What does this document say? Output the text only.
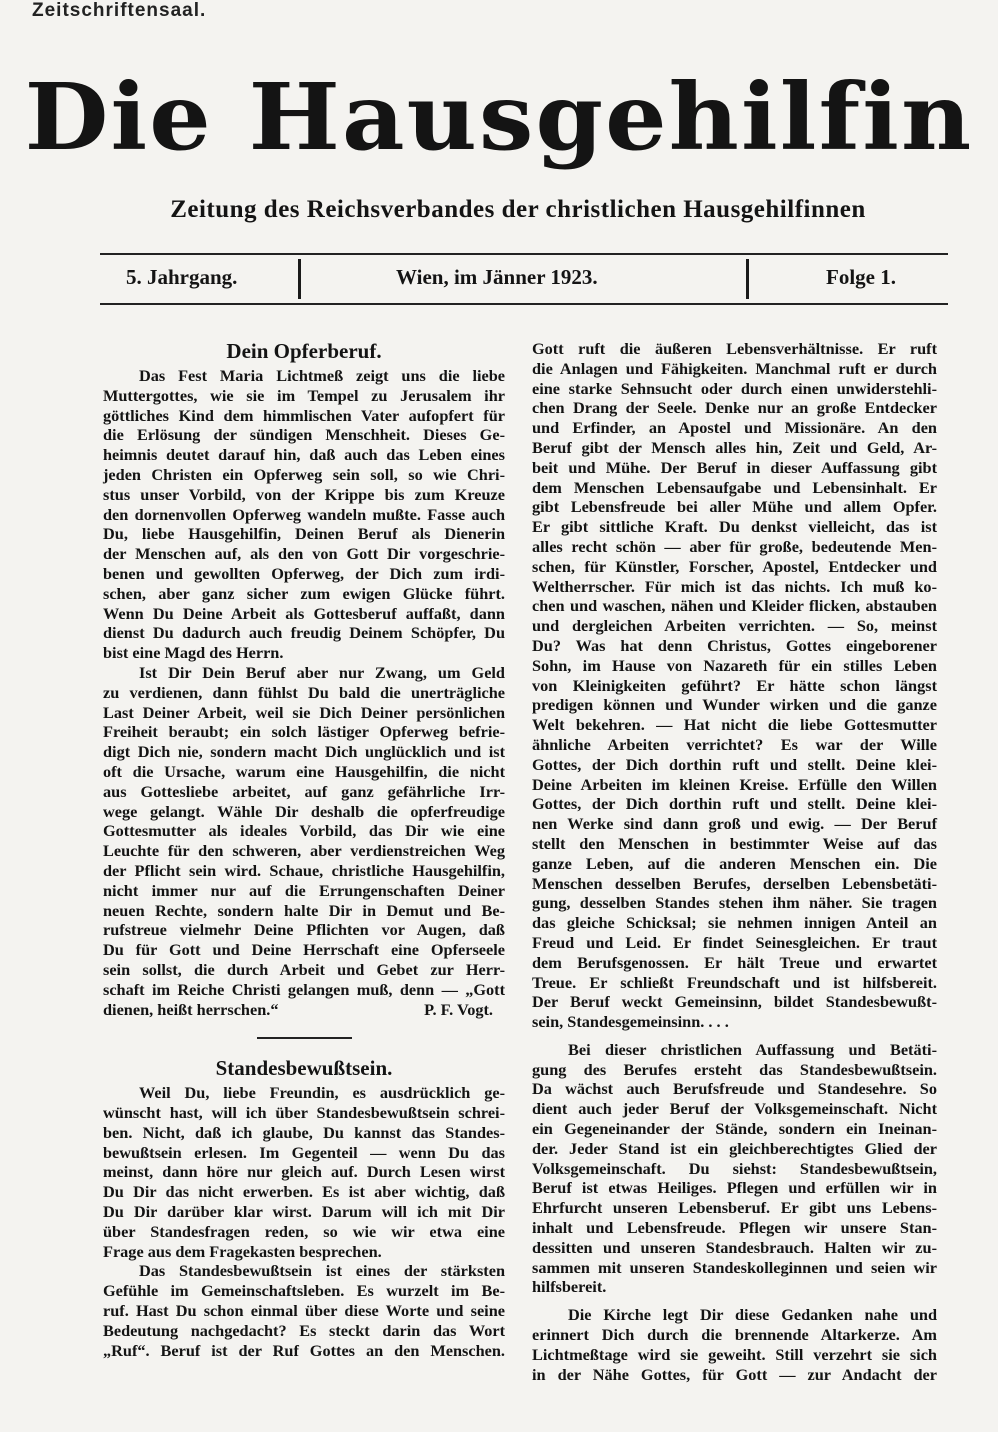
Zeitschriftensaal.
Die Hausgehilfin
Zeitung des Reichsverbandes der christlichen Hausgehilfinnen
5. Jahrgang.	Wien, im Jänner 1923.	Folge 1.
Dein Opferberuf.
Das Fest Maria Lichtmeß zeigt uns die liebe
Muttergottes, wie sie im Tempel zu Jerusalem ihr
göttliches Kind dem himmlischen Vater aufopfert für
die Erlösung der sündigen Menschheit. Dieses Ge-
heimnis deutet darauf hin, daß auch das Leben eines
jeden Christen ein Opferweg sein soll, so wie Chri-
stus unser Vorbild, von der Krippe bis zum Kreuze
den dornenvollen Opferweg wandeln mußte. Fasse auch
Du, liebe Hausgehilfin, Deinen Beruf als Dienerin
der Menschen auf, als den von Gott Dir vorgeschrie-
benen und gewollten Opferweg, der Dich zum irdi-
schen, aber ganz sicher zum ewigen Glücke führt.
Wenn Du Deine Arbeit als Gottesberuf auffaßt, dann
dienst Du dadurch auch freudig Deinem Schöpfer, Du
bist eine Magd des Herrn.
Ist Dir Dein Beruf aber nur Zwang, um Geld
zu verdienen, dann fühlst Du bald die unerträgliche
Last Deiner Arbeit, weil sie Dich Deiner persönlichen
Freiheit beraubt; ein solch lästiger Opferweg befrie-
digt Dich nie, sondern macht Dich unglücklich und ist
oft die Ursache, warum eine Hausgehilfin, die nicht
aus Gottesliebe arbeitet, auf ganz gefährliche Irr-
wege gelangt. Wähle Dir deshalb die opferfreudige
Gottesmutter als ideales Vorbild, das Dir wie eine
Leuchte für den schweren, aber verdienstreichen Weg
der Pflicht sein wird. Schaue, christliche Hausgehilfin,
nicht immer nur auf die Errungenschaften Deiner
neuen Rechte, sondern halte Dir in Demut und Be-
rufstreue vielmehr Deine Pflichten vor Augen, daß
Du für Gott und Deine Herrschaft eine Opferseele
sein sollst, die durch Arbeit und Gebet zur Herr-
schaft im Reiche Christi gelangen muß, denn — „Gott
dienen, heißt herrschen.“	P. F. Vogt.
Standesbewußtsein.
Weil Du, liebe Freundin, es ausdrücklich ge-
wünscht hast, will ich über Standesbewußtsein schrei-
ben. Nicht, daß ich glaube, Du kannst das Standes-
bewußtsein erlesen. Im Gegenteil — wenn Du das
meinst, dann höre nur gleich auf. Durch Lesen wirst
Du Dir das nicht erwerben. Es ist aber wichtig, daß
Du Dir darüber klar wirst. Darum will ich mit Dir
über Standesfragen reden, so wie wir etwa eine
Frage aus dem Fragekasten besprechen.
Das Standesbewußtsein ist eines der stärksten
Gefühle im Gemeinschaftsleben. Es wurzelt im Be-
ruf. Hast Du schon einmal über diese Worte und seine
Bedeutung nachgedacht? Es steckt darin das Wort
„Ruf“. Beruf ist der Ruf Gottes an den Menschen.
Gott ruft die äußeren Lebensverhältnisse. Er ruft
die Anlagen und Fähigkeiten. Manchmal ruft er durch
eine starke Sehnsucht oder durch einen unwiderstehli-
chen Drang der Seele. Denke nur an große Entdecker
und Erfinder, an Apostel und Missionäre. An den
Beruf gibt der Mensch alles hin, Zeit und Geld, Ar-
beit und Mühe. Der Beruf in dieser Auffassung gibt
dem Menschen Lebensaufgabe und Lebensinhalt. Er
gibt Lebensfreude bei aller Mühe und allem Opfer.
Er gibt sittliche Kraft. Du denkst vielleicht, das ist
alles recht schön — aber für große, bedeutende Men-
schen, für Künstler, Forscher, Apostel, Entdecker und
Weltherrscher. Für mich ist das nichts. Ich muß ko-
chen und waschen, nähen und Kleider flicken, abstauben
und dergleichen Arbeiten verrichten. — So, meinst
Du? Was hat denn Christus, Gottes eingeborener
Sohn, im Hause von Nazareth für ein stilles Leben
von Kleinigkeiten geführt? Er hätte schon längst
predigen können und Wunder wirken und die ganze
Welt bekehren. — Hat nicht die liebe Gottesmutter
ähnliche Arbeiten verrichtet? Es war der Wille
Gottes, der Dich dorthin ruft und stellt. Deine klei-
Deine Arbeiten im kleinen Kreise. Erfülle den Willen
Gottes, der Dich dorthin ruft und stellt. Deine klei-
nen Werke sind dann groß und ewig. — Der Beruf
stellt den Menschen in bestimmter Weise auf das
ganze Leben, auf die anderen Menschen ein. Die
Menschen desselben Berufes, derselben Lebensbetäti-
gung, desselben Standes stehen ihm näher. Sie tragen
das gleiche Schicksal; sie nehmen innigen Anteil an
Freud und Leid. Er findet Seinesgleichen. Er traut
dem Berufsgenossen. Er hält Treue und erwartet
Treue. Er schließt Freundschaft und ist hilfsbereit.
Der Beruf weckt Gemeinsinn, bildet Standesbewußt-
sein, Standesgemeinsinn. . . .
Bei dieser christlichen Auffassung und Betäti-
gung des Berufes ersteht das Standesbewußtsein.
Da wächst auch Berufsfreude und Standesehre. So
dient auch jeder Beruf der Volksgemeinschaft. Nicht
ein Gegeneinander der Stände, sondern ein Ineinan-
der. Jeder Stand ist ein gleichberechtigtes Glied der
Volksgemeinschaft. Du siehst: Standesbewußtsein,
Beruf ist etwas Heiliges. Pflegen und erfüllen wir in
Ehrfurcht unseren Lebensberuf. Er gibt uns Lebens-
inhalt und Lebensfreude. Pflegen wir unsere Stan-
dessitten und unseren Standesbrauch. Halten wir zu-
sammen mit unseren Standeskolleginnen und seien wir
hilfsbereit.
Die Kirche legt Dir diese Gedanken nahe und
erinnert Dich durch die brennende Altarkerze. Am
Lichtmeßtage wird sie geweiht. Still verzehrt sie sich
in der Nähe Gottes, für Gott — zur Andacht der
